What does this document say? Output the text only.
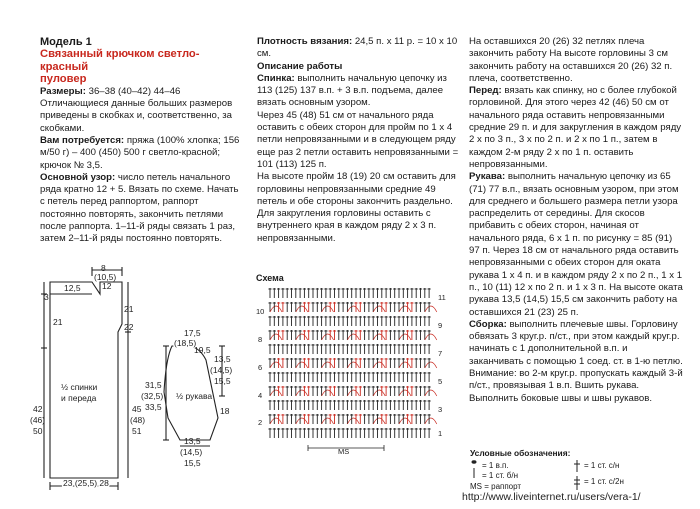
Модель 1

Связанный крючком светло-красный

пуловер

Размеры: 36–38 (40–42) 44–46

Отличающиеся данные больших размеров приведены в скобках и, соответственно, за скобками.

Вам потребуется: пряжа (100% хлопка; 156 м/50 г) – 400 (450) 500 г светло-красной; крючок № 3,5.

Основной узор: число петель начального ряда кратно 12 + 5. Вязать по схеме. Начать с петель перед раппортом, раппорт постоянно повторять, закончить петлями после раппорта. 1–11-й ряды связать 1 раз, затем 2–11-й ряды постоянно повторять.

Плотность вязания: 24,5 п. х 11 р. = 10 х 10 см.

Описание работы

Спинка: выполнить начальную цепочку из 113 (125) 137 в.п. + 3 в.п. подъема, далее вязать основным узором.

Через 45 (48) 51 см от начального ряда оставить с обеих сторон для пройм по 1 х 4 петли непровязанными и в следующем ряду еще раз 2 петли оставить непровязанными = 101 (113) 125 п.

На высоте пройм 18 (19) 20 см оставить для горловины непровязанными средние 49 петель и обе стороны закончить раздельно. Для закругления горловины оставить с внутреннего края в каждом ряду 2 х 3 п. непровязанными.

На оставшихся 20 (26) 32 петлях плеча закончить работу На высоте горловины 3 см закончить работу на оставшихся 20 (26) 32 п. плеча, соответственно.

Перед: вязать как спинку, но с более глубокой горловиной. Для этого через 42 (46) 50 см от начального ряда оставить непровязанными средние 29 п. и для закругления в каждом ряду 2 х по 3 п., 3 х по 2 п. и 2 х по 1 п., затем в каждом 2-м ряду 2 х по 1 п. оставить непровязанными.

Рукава: выполнить начальную цепочку из 65 (71) 77 в.п., вязать основным узором, при этом для среднего и большего размера петли узора распределить от середины. Для скосов прибавить с обеих сторон, начиная от начального ряда, 6 х 1 п. по рисунку = 85 (91) 97 п. Через 18 см от начального ряда оставить непровязанными с обеих сторон для оката рукава 1 х 4 п. и в каждом ряду 2 х по 2 п., 1 х 1 п., 10 (11) 12 х по 2 п. и 1 х 3 п. На высоте оката рукава 13,5 (14,5) 15,5 см закончить работу на оставшихся 21 (23) 25 п.

Сборка: выполнить плечевые швы. Горловину обвязать 3 круг.р. п/ст., при этом каждый круг.р. начинать с 1 дополнительной в.п. и заканчивать с помощью 1 соед. ст. в 1-ю петлю. Внимание: во 2-м круг.р. пропускать каждый 3-й п/ст., провязывая 1 в.п. Вшить рукава. Выполнить боковые швы и швы рукавов.

8
(10,5)
12
12,5
3
21
21
22
½ спинки
и переда
42
(46)
50
45
(48)
51
23 (25,5) 28
17,5
(18,5)
19,5
13,5
(14,5)
15,5
31,5
(32,5)
33,5
½ рукава
18
13,5
(14,5)
15,5
Схема
11
9
7
5
3
1
10
8
6
4
2
MS	Условные обозначения:
= 1 в.п.
= 1 ст. б/н
MS = раппорт
= 1 ст. с/н
= 1 ст. с/2н
http://www.liveinternet.ru/users/vera-1/
